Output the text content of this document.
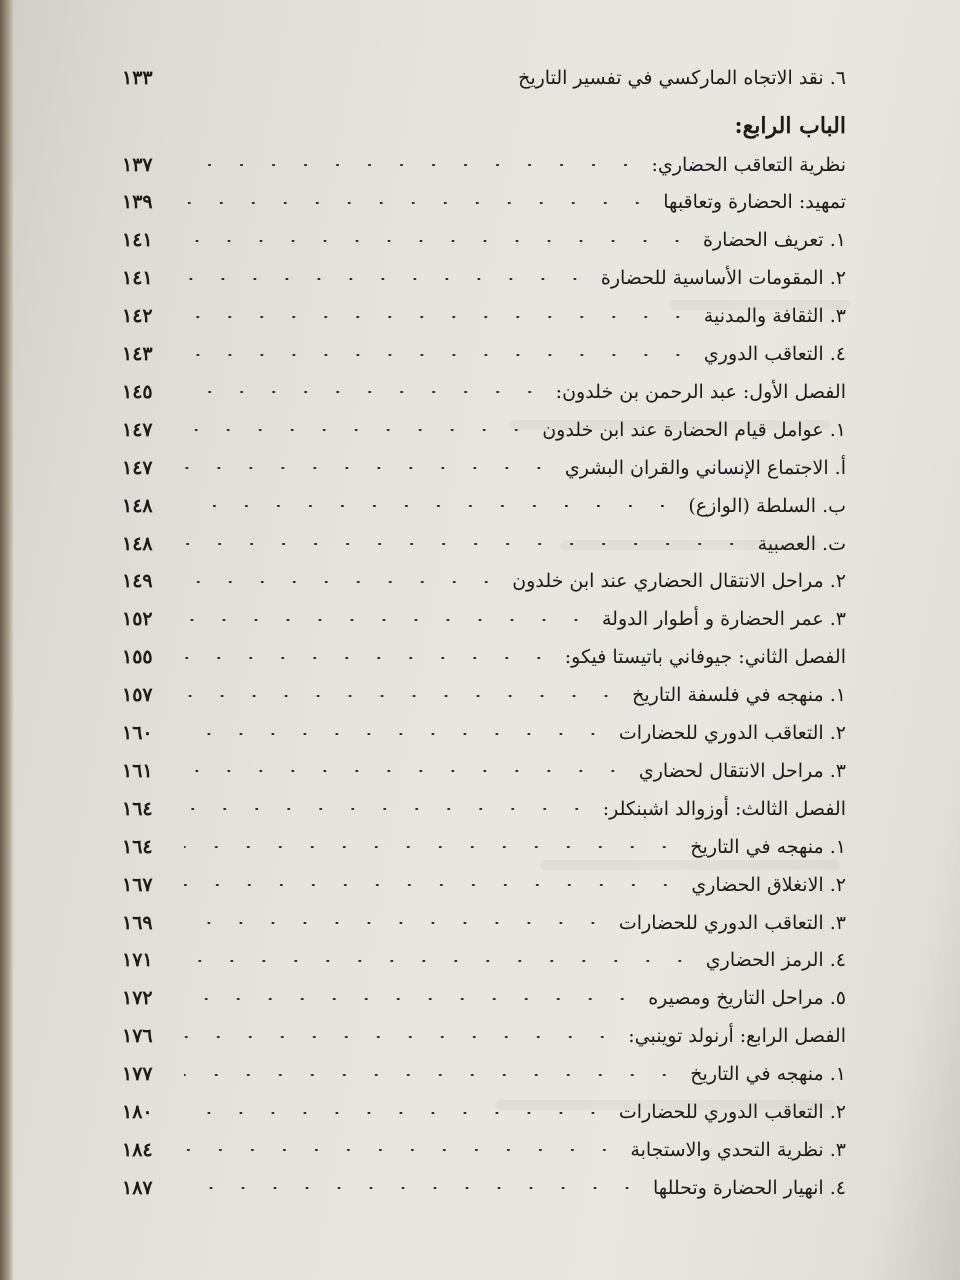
٦. نقد الاتجاه الماركسي في تفسير التاريخ
١٣٣
الباب الرابع:
نظرية التعاقب الحضاري:
١٣٧
تمهيد: الحضارة وتعاقبها
١٣٩
١. تعريف الحضارة
١٤١
٢. المقومات الأساسية للحضارة
١٤١
٣. الثقافة والمدنية
١٤٢
٤. التعاقب الدوري
١٤٣
الفصل الأول: عبد الرحمن بن خلدون:
١٤٥
١. عوامل قيام الحضارة عند ابن خلدون
١٤٧
أ. الاجتماع الإنساني والقران البشري
١٤٧
ب. السلطة (الوازع)
١٤٨
ت. العصبية
١٤٨
٢. مراحل الانتقال الحضاري عند ابن خلدون
١٤٩
٣. عمر الحضارة و أطوار الدولة
١٥٢
الفصل الثاني: جيوفاني باتيستا فيكو:
١٥٥
١. منهجه في فلسفة التاريخ
١٥٧
٢. التعاقب الدوري للحضارات
١٦٠
٣. مراحل الانتقال لحضاري
١٦١
الفصل الثالث: أوزوالد اشبنكلر:
١٦٤
١. منهجه في التاريخ
١٦٤
٢. الانغلاق الحضاري
١٦٧
٣. التعاقب الدوري للحضارات
١٦٩
٤. الرمز الحضاري
١٧١
٥. مراحل التاريخ ومصيره
١٧٢
الفصل الرابع: أرنولد توينبي:
١٧٦
١. منهجه في التاريخ
١٧٧
٢. التعاقب الدوري للحضارات
١٨٠
٣. نظرية التحدي والاستجابة
١٨٤
٤. انهيار الحضارة وتحللها
١٨٧
